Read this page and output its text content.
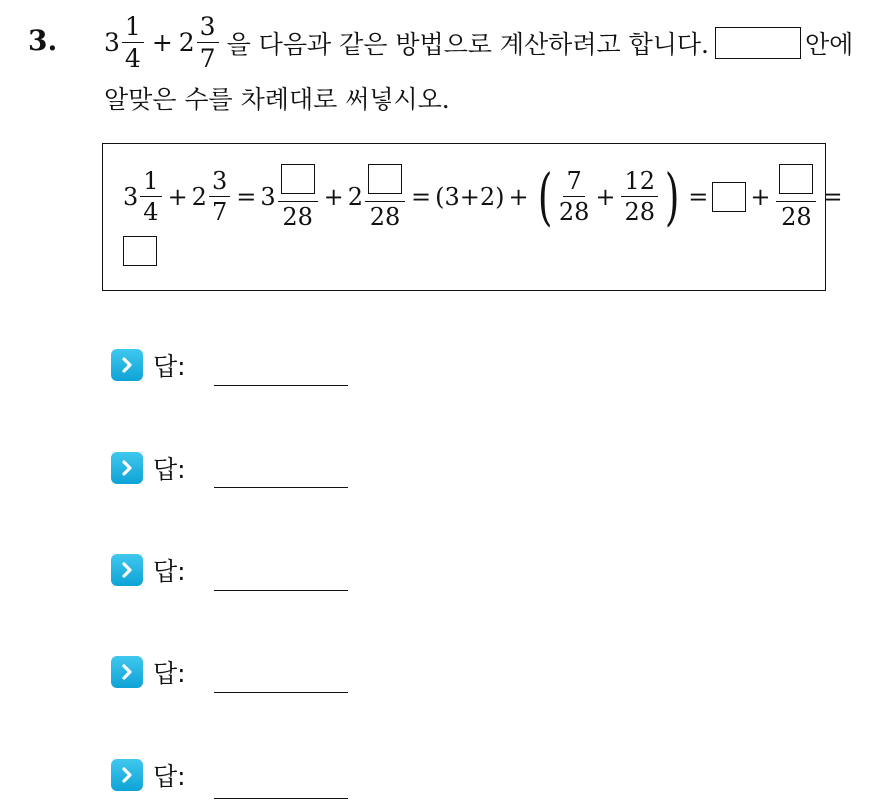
3. $3 \frac{1}{4} + 2 \frac{3}{7}$ 을 다음과 같은 방법으로 계산하려고 합니다.	안에
알맞은 수를 차례대로 써넣시오.
$3 \frac{1}{4} + 2 \frac{3}{7} = 3$
28
+ 2
28
= (3+2) + ( $\frac{7}{28} + \frac{12}{28}$ ) = +
28
=
답:
답:
답:
답:
답:
